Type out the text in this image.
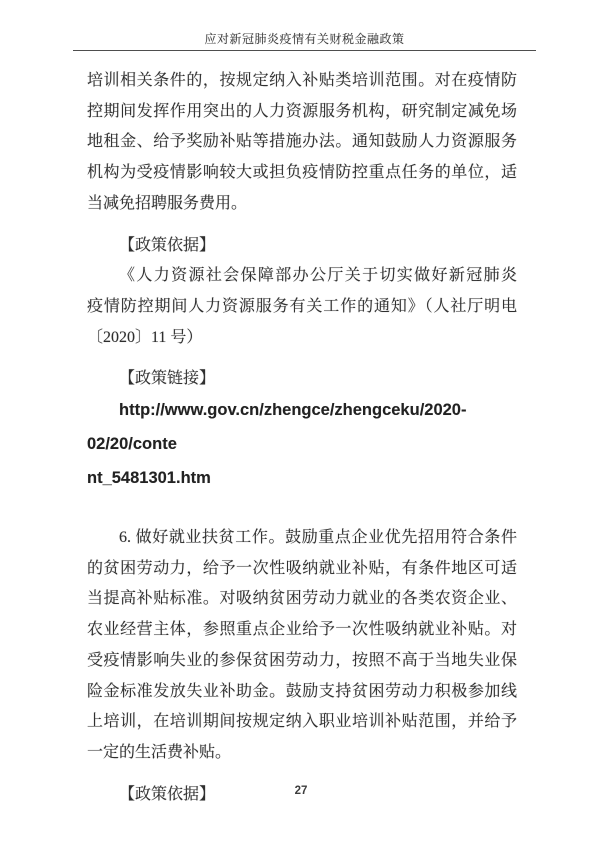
应对新冠肺炎疫情有关财税金融政策
培训相关条件的，按规定纳入补贴类培训范围。对在疫情防
控期间发挥作用突出的人力资源服务机构，研究制定减免场
地租金、给予奖励补贴等措施办法。通知鼓励人力资源服务
机构为受疫情影响较大或担负疫情防控重点任务的单位，适
当减免招聘服务费用。
【政策依据】
《人力资源社会保障部办公厅关于切实做好新冠肺炎
疫情防控期间人力资源服务有关工作的通知》（人社厅明电
〔2020〕11 号）
【政策链接】
http://www.gov.cn/zhengce/zhengceku/2020-02/20/conte
nt_5481301.htm
6. 做好就业扶贫工作。鼓励重点企业优先招用符合条件
的贫困劳动力，给予一次性吸纳就业补贴，有条件地区可适
当提高补贴标准。对吸纳贫困劳动力就业的各类农资企业、
农业经营主体，参照重点企业给予一次性吸纳就业补贴。对
受疫情影响失业的参保贫困劳动力，按照不高于当地失业保
险金标准发放失业补助金。鼓励支持贫困劳动力积极参加线
上培训，在培训期间按规定纳入职业培训补贴范围，并给予
一定的生活费补贴。
【政策依据】	27
